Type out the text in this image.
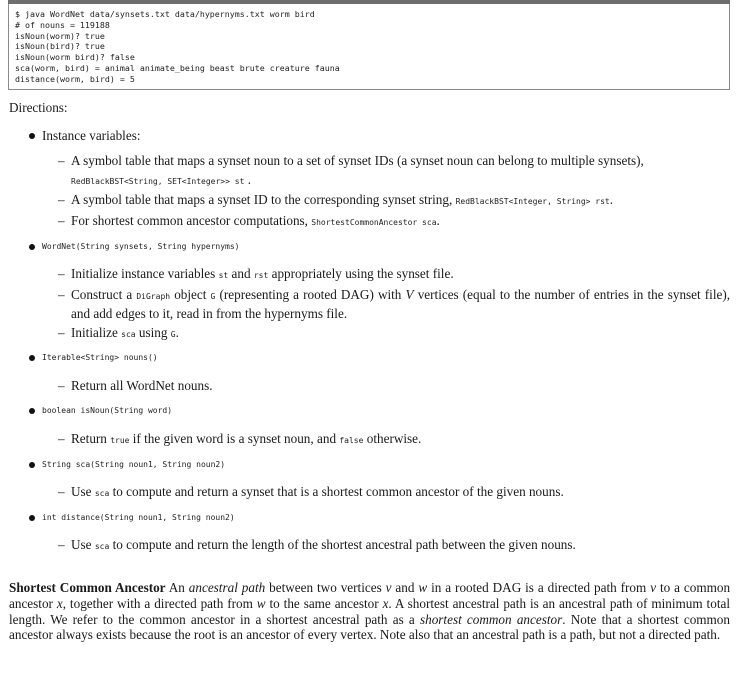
$ java WordNet data/synsets.txt data/hypernyms.txt worm bird
# of nouns = 119188
isNoun(worm)? true
isNoun(bird)? true
isNoun(worm bird)? false
sca(worm, bird) = animal animate_being beast brute creature fauna
distance(worm, bird) = 5
Directions:
Instance variables:
– A symbol table that maps a synset noun to a set of synset IDs (a synset noun can belong to multiple synsets),
RedBlackBST<String, SET<Integer>> st .
– A symbol table that maps a synset ID to the corresponding synset string, RedBlackBST<Integer, String> rst.
– For shortest common ancestor computations, ShortestCommonAncestor sca.
WordNet(String synsets, String hypernyms)
– Initialize instance variables st and rst appropriately using the synset file.
– Construct a DiGraph object G (representing a rooted DAG) with V vertices (equal to the number of entries in the synset file), and add edges to it, read in from the hypernyms file.
– Initialize sca using G.
Iterable<String> nouns()
– Return all WordNet nouns.
boolean isNoun(String word)
– Return true if the given word is a synset noun, and false otherwise.
String sca(String noun1, String noun2)
– Use sca to compute and return a synset that is a shortest common ancestor of the given nouns.
int distance(String noun1, String noun2)
– Use sca to compute and return the length of the shortest ancestral path between the given nouns.
Shortest Common Ancestor An ancestral path between two vertices v and w in a rooted DAG is a directed path from v to a common ancestor x, together with a directed path from w to the same ancestor x. A shortest ancestral path is an ancestral path of minimum total length. We refer to the common ancestor in a shortest ancestral path as a shortest common ancestor. Note that a shortest common ancestor always exists because the root is an ancestor of every vertex. Note also that an ancestral path is a path, but not a directed path.
